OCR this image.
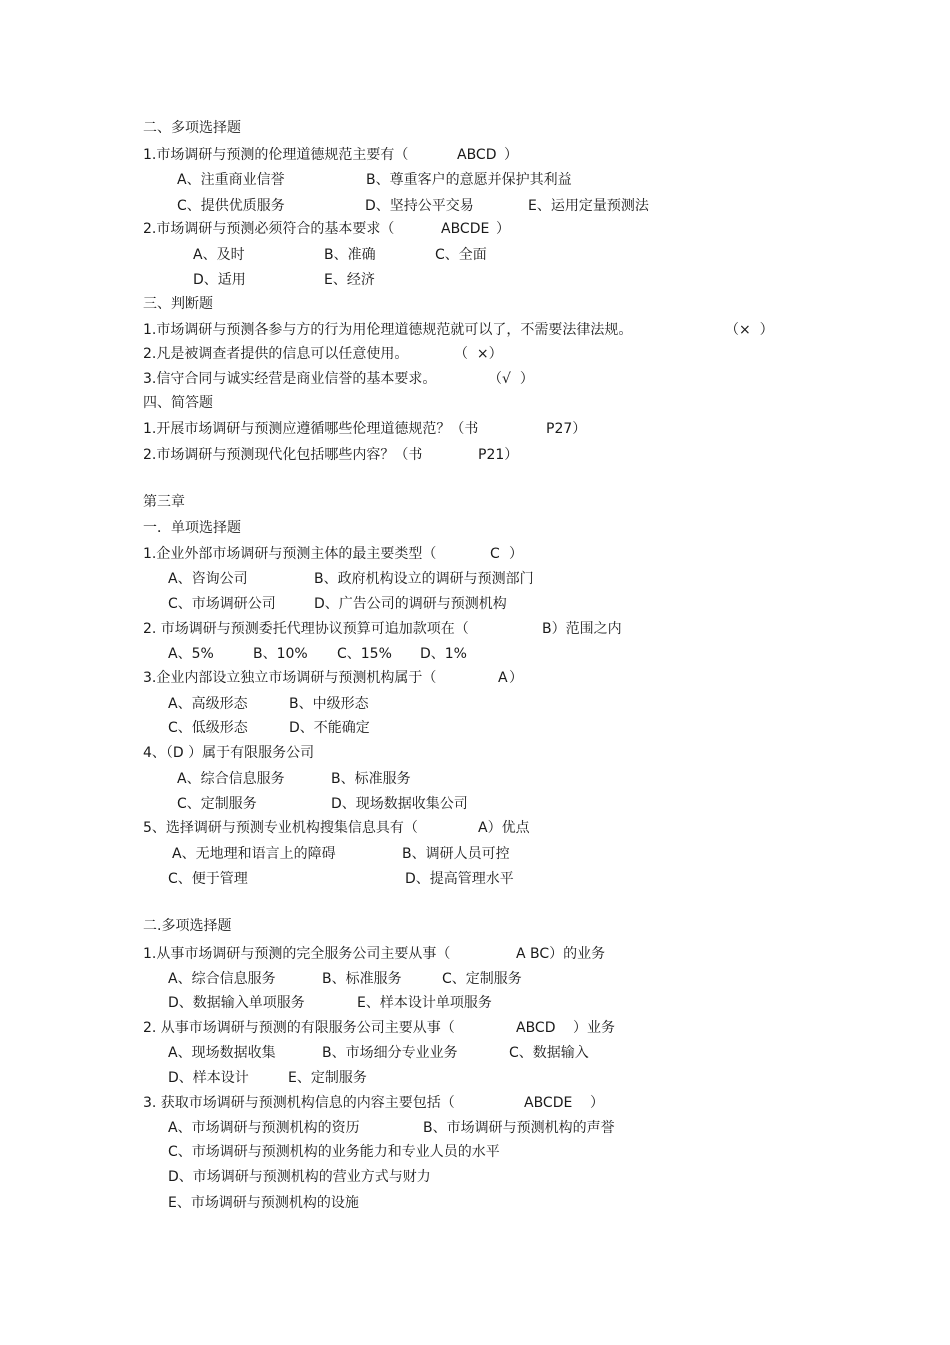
二、多项选择题

1.市场调研与预测的伦理道德规范主要有（

	ABCD

）

A、注重商业信誉

	B、尊重客户的意愿并保护其利益

C、提供优质服务

	D、坚持公平交易

	E、运用定量预测法

2.市场调研与预测必须符合的基本要求（

	ABCDE

）

A、及时

	B、准确

	C、全面

D、适用

	E、经济

三、判断题

1.市场调研与预测各参与方的行为用伦理道德规范就可以了，不需要法律法规。

	（×  ）

2.凡是被调查者提供的信息可以任意使用。

	（  ×）

3.信守合同与诚实经营是商业信誉的基本要求。

	（√  ）

四、简答题

1.开展市场调研与预测应遵循哪些伦理道德规范？（书

	P27）

2.市场调研与预测现代化包括哪些内容？（书

	P21）

第三章
一．单项选择题

1.企业外部市场调研与预测主体的最主要类型（

	C

）

A、咨询公司

	B、政府机构设立的调研与预测部门

C、市场调研公司

	D、广告公司的调研与预测机构

2. 市场调研与预测委托代理协议预算可追加款项在（

	B）范围之内

A、5%

	B、10%

C、15%

D、1%

3.企业内部设立独立市场调研与预测机构属于（

	A

）

A、高级形态

	B、中级形态

C、低级形态

	D、不能确定

4、（D ）属于有限服务公司

A、综合信息服务

	B、标准服务

C、定制服务

	D、现场数据收集公司

5、选择调研与预测专业机构搜集信息具有（

	A）优点

A、无地理和语言上的障碍

	B、调研人员可控

C、便于管理

	D、提高管理水平

二.多项选择题

1.从事市场调研与预测的完全服务公司主要从事（

	A BC）的业务

A、综合信息服务

	B、标准服务

	C、定制服务

D、数据输入单项服务

	E、样本设计单项服务

2. 从事市场调研与预测的有限服务公司主要从事（

	ABCD

）业务

A、现场数据收集

	B、市场细分专业业务

	C、数据输入

D、样本设计

	E、定制服务

3. 获取市场调研与预测机构信息的内容主要包括（

	ABCDE

）

A、市场调研与预测机构的资历

	B、市场调研与预测机构的声誉

C、市场调研与预测机构的业务能力和专业人员的水平
D、市场调研与预测机构的营业方式与财力
E、市场调研与预测机构的设施
